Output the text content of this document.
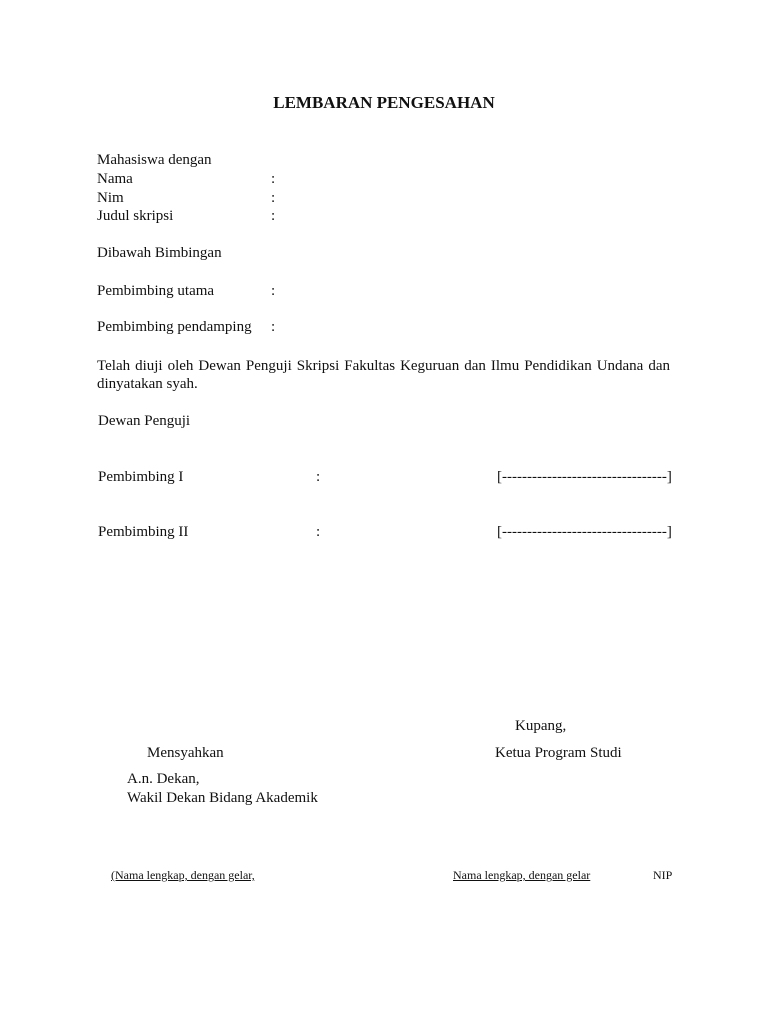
LEMBARAN PENGESAHAN
Mahasiswa dengan
Nama	:
Nim	:
Judul skripsi	:
Dibawah Bimbingan
Pembimbing utama	:
Pembimbing pendamping :
Telah diuji oleh Dewan Penguji Skripsi Fakultas Keguruan dan Ilmu Pendidikan Undana dan dinyatakan syah.
Dewan Penguji
Pembimbing I	:	[---------------------------------]
Pembimbing II	:	[---------------------------------]
Kupang,
Mensyahkan	Ketua Program Studi
A.n. Dekan,
Wakil Dekan Bidang Akademik
(Nama lengkap, dengan gelar,	Nama lengkap, dengan gelar	NIP
